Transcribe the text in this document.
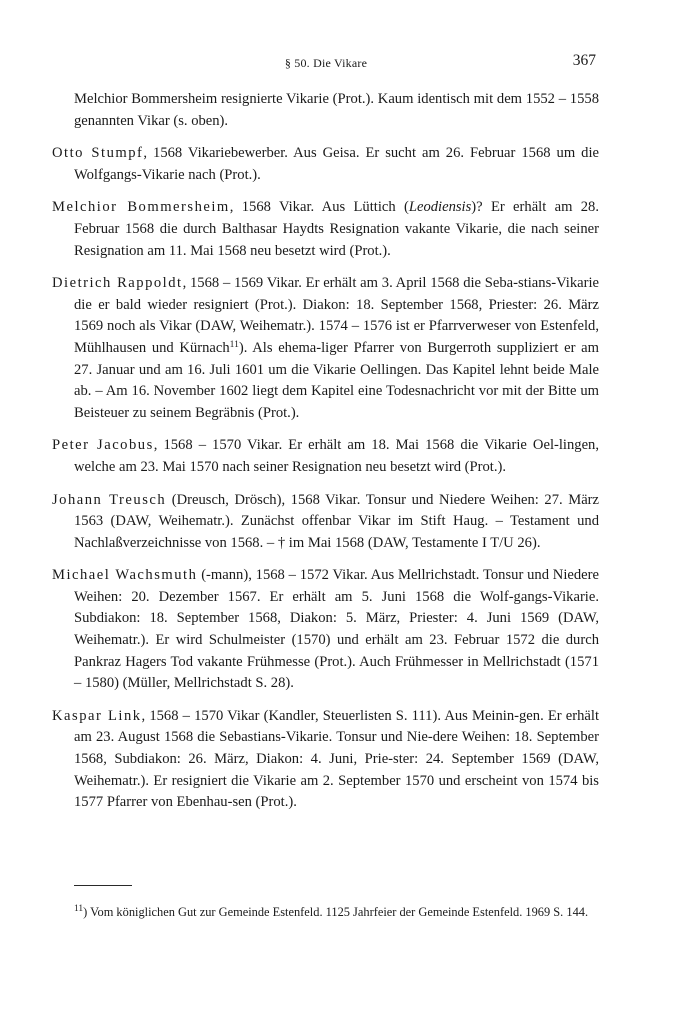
§ 50. Die Vikare	367

Melchior Bommersheim resignierte Vikarie (Prot.). Kaum identisch mit dem 1552 – 1558 genannten Vikar (s. oben).

Otto Stumpf, 1568 Vikariebewerber. Aus Geisa. Er sucht am 26. Februar 1568 um die Wolfgangs-Vikarie nach (Prot.).

Melchior Bommersheim, 1568 Vikar. Aus Lüttich (Leodiensis)? Er erhält am 28. Februar 1568 die durch Balthasar Haydts Resignation vakante Vikarie, die nach seiner Resignation am 11. Mai 1568 neu besetzt wird (Prot.).

Dietrich Rappoldt, 1568 – 1569 Vikar. Er erhält am 3. April 1568 die Seba-stians-Vikarie die er bald wieder resigniert (Prot.). Diakon: 18. September 1568, Priester: 26. März 1569 noch als Vikar (DAW, Weihematr.). 1574 – 1576 ist er Pfarrverweser von Estenfeld, Mühlhausen und Kürnach$^{11}$). Als ehema-liger Pfarrer von Burgerroth suppliziert er am 27. Januar und am 16. Juli 1601 um die Vikarie Oellingen. Das Kapitel lehnt beide Male ab. – Am 16. November 1602 liegt dem Kapitel eine Todesnachricht vor mit der Bitte um Beisteuer zu seinem Begräbnis (Prot.).

Peter Jacobus, 1568 – 1570 Vikar. Er erhält am 18. Mai 1568 die Vikarie Oel-lingen, welche am 23. Mai 1570 nach seiner Resignation neu besetzt wird (Prot.).

Johann Treusch (Dreusch, Drösch), 1568 Vikar. Tonsur und Niedere Weihen: 27. März 1563 (DAW, Weihematr.). Zunächst offenbar Vikar im Stift Haug. – Testament und Nachlaßverzeichnisse von 1568. – † im Mai 1568 (DAW, Testamente I T/U 26).

Michael Wachsmuth (-mann), 1568 – 1572 Vikar. Aus Mellrichstadt. Tonsur und Niedere Weihen: 20. Dezember 1567. Er erhält am 5. Juni 1568 die Wolf-gangs-Vikarie. Subdiakon: 18. September 1568, Diakon: 5. März, Priester: 4. Juni 1569 (DAW, Weihematr.). Er wird Schulmeister (1570) und erhält am 23. Februar 1572 die durch Pankraz Hagers Tod vakante Frühmesse (Prot.). Auch Frühmesser in Mellrichstadt (1571 – 1580) (Müller, Mellrichstadt S. 28).

Kaspar Link, 1568 – 1570 Vikar (Kandler, Steuerlisten S. 111). Aus Meinin-gen. Er erhält am 23. August 1568 die Sebastians-Vikarie. Tonsur und Nie-dere Weihen: 18. September 1568, Subdiakon: 26. März, Diakon: 4. Juni, Prie-ster: 24. September 1569 (DAW, Weihematr.). Er resigniert die Vikarie am 2. September 1570 und erscheint von 1574 bis 1577 Pfarrer von Ebenhau-sen (Prot.).

$^{11}$) Vom königlichen Gut zur Gemeinde Estenfeld. 1125 Jahrfeier der Gemeinde Estenfeld. 1969 S. 144.
